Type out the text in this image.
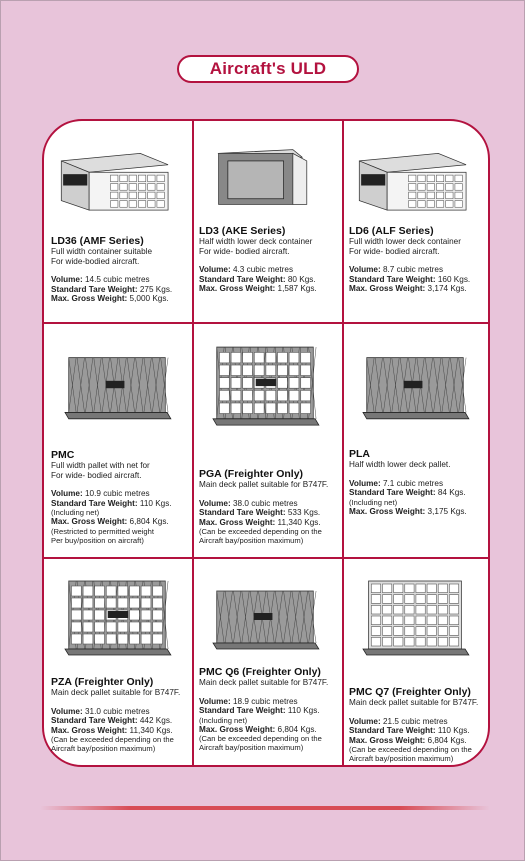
Aircraft's ULD
LD36 (AMF Series)
Full width container suitable
For wide-bodied aircraft.
Volume: 14.5 cubic metres
Standard Tare Weight: 275 Kgs.
Max. Gross Weight: 5,000 Kgs.
LD3 (AKE Series)
Half width lower deck container
For wide- bodied aircraft.
Volume: 4.3 cubic metres
Standard Tare Weight: 80 Kgs.
Max. Gross Weight: 1,587 Kgs.
LD6 (ALF Series)
Full width lower deck container
For wide- bodied aircraft.
Volume: 8.7 cubic metres
Standard Tare Weight: 160 Kgs.
Max. Gross Weight: 3,174 Kgs.
PMC
Full width pallet with net for
For wide- bodied aircraft.
Volume: 10.9 cubic metres
Standard Tare Weight: 110 Kgs.
(Including net)
Max. Gross Weight: 6,804 Kgs.
(Restricted to permitted weight
Per buy/position on aircraft)
PGA (Freighter Only)
Main deck pallet suitable for B747F.
Volume: 38.0 cubic metres
Standard Tare Weight: 533 Kgs.
Max. Gross Weight: 11,340 Kgs.
(Can be exceeded depending on the
Aircraft bay/position maximum)
PLA
Half width lower deck pallet.
Volume: 7.1 cubic metres
Standard Tare Weight: 84 Kgs.
(Including net)
Max. Gross Weight: 3,175 Kgs.
PZA (Freighter Only)
Main deck pallet suitable for B747F.
Volume: 31.0 cubic metres
Standard Tare Weight: 442 Kgs.
Max. Gross Weight: 11,340 Kgs.
(Can be exceeded depending on the
Aircraft bay/position maximum)
PMC Q6 (Freighter Only)
Main deck pallet suitable for B747F.
Volume: 18.9 cubic metres
Standard Tare Weight: 110 Kgs.
(Including net)
Max. Gross Weight: 6,804 Kgs.
(Can be exceeded depending on the
Aircraft bay/position maximum)
PMC Q7 (Freighter Only)
Main deck pallet suitable for B747F.
Volume: 21.5 cubic metres
Standard Tare Weight: 110 Kgs.
Max. Gross Weight: 6,804 Kgs.
(Can be exceeded depending on the
Aircraft bay/position maximum)
